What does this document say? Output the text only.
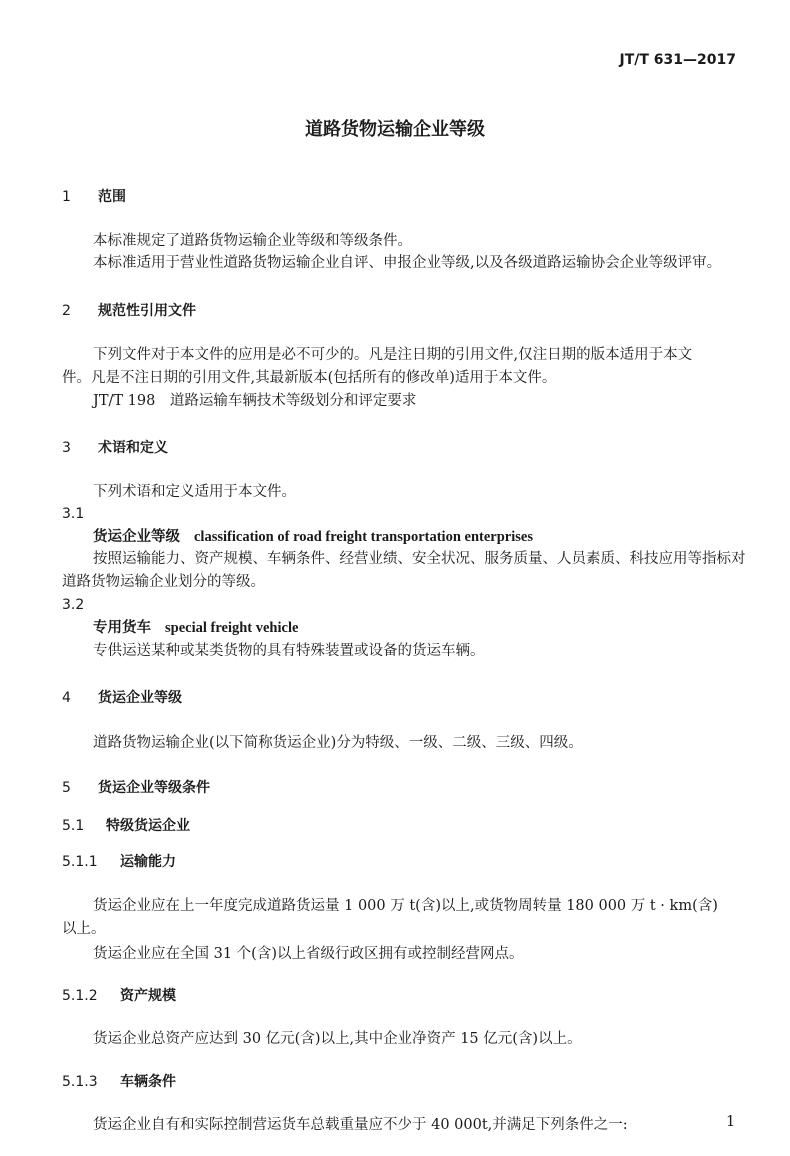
JT/T 631—2017
道路货物运输企业等级
1 范围
本标准规定了道路货物运输企业等级和等级条件。
本标准适用于营业性道路货物运输企业自评、申报企业等级,以及各级道路运输协会企业等级评审。
2 规范性引用文件
下列文件对于本文件的应用是必不可少的。凡是注日期的引用文件,仅注日期的版本适用于本文
件。凡是不注日期的引用文件,其最新版本(包括所有的修改单)适用于本文件。
JT/T 198　道路运输车辆技术等级划分和评定要求
3 术语和定义
下列术语和定义适用于本文件。
3.1
货运企业等级 classification of road freight transportation enterprises
按照运输能力、资产规模、车辆条件、经营业绩、安全状况、服务质量、人员素质、科技应用等指标对
道路货物运输企业划分的等级。
3.2
专用货车 special freight vehicle
专供运送某种或某类货物的具有特殊装置或设备的货运车辆。
4 货运企业等级
道路货物运输企业(以下简称货运企业)分为特级、一级、二级、三级、四级。
5 货运企业等级条件
5.1 特级货运企业
5.1.1 运输能力
货运企业应在上一年度完成道路货运量 1 000 万 t(含)以上,或货物周转量 180 000 万 t · km(含)
以上。
货运企业应在全国 31 个(含)以上省级行政区拥有或控制经营网点。
5.1.2 资产规模
货运企业总资产应达到 30 亿元(含)以上,其中企业净资产 15 亿元(含)以上。
5.1.3 车辆条件
货运企业自有和实际控制营运货车总载重量应不少于 40 000t,并满足下列条件之一:	1
